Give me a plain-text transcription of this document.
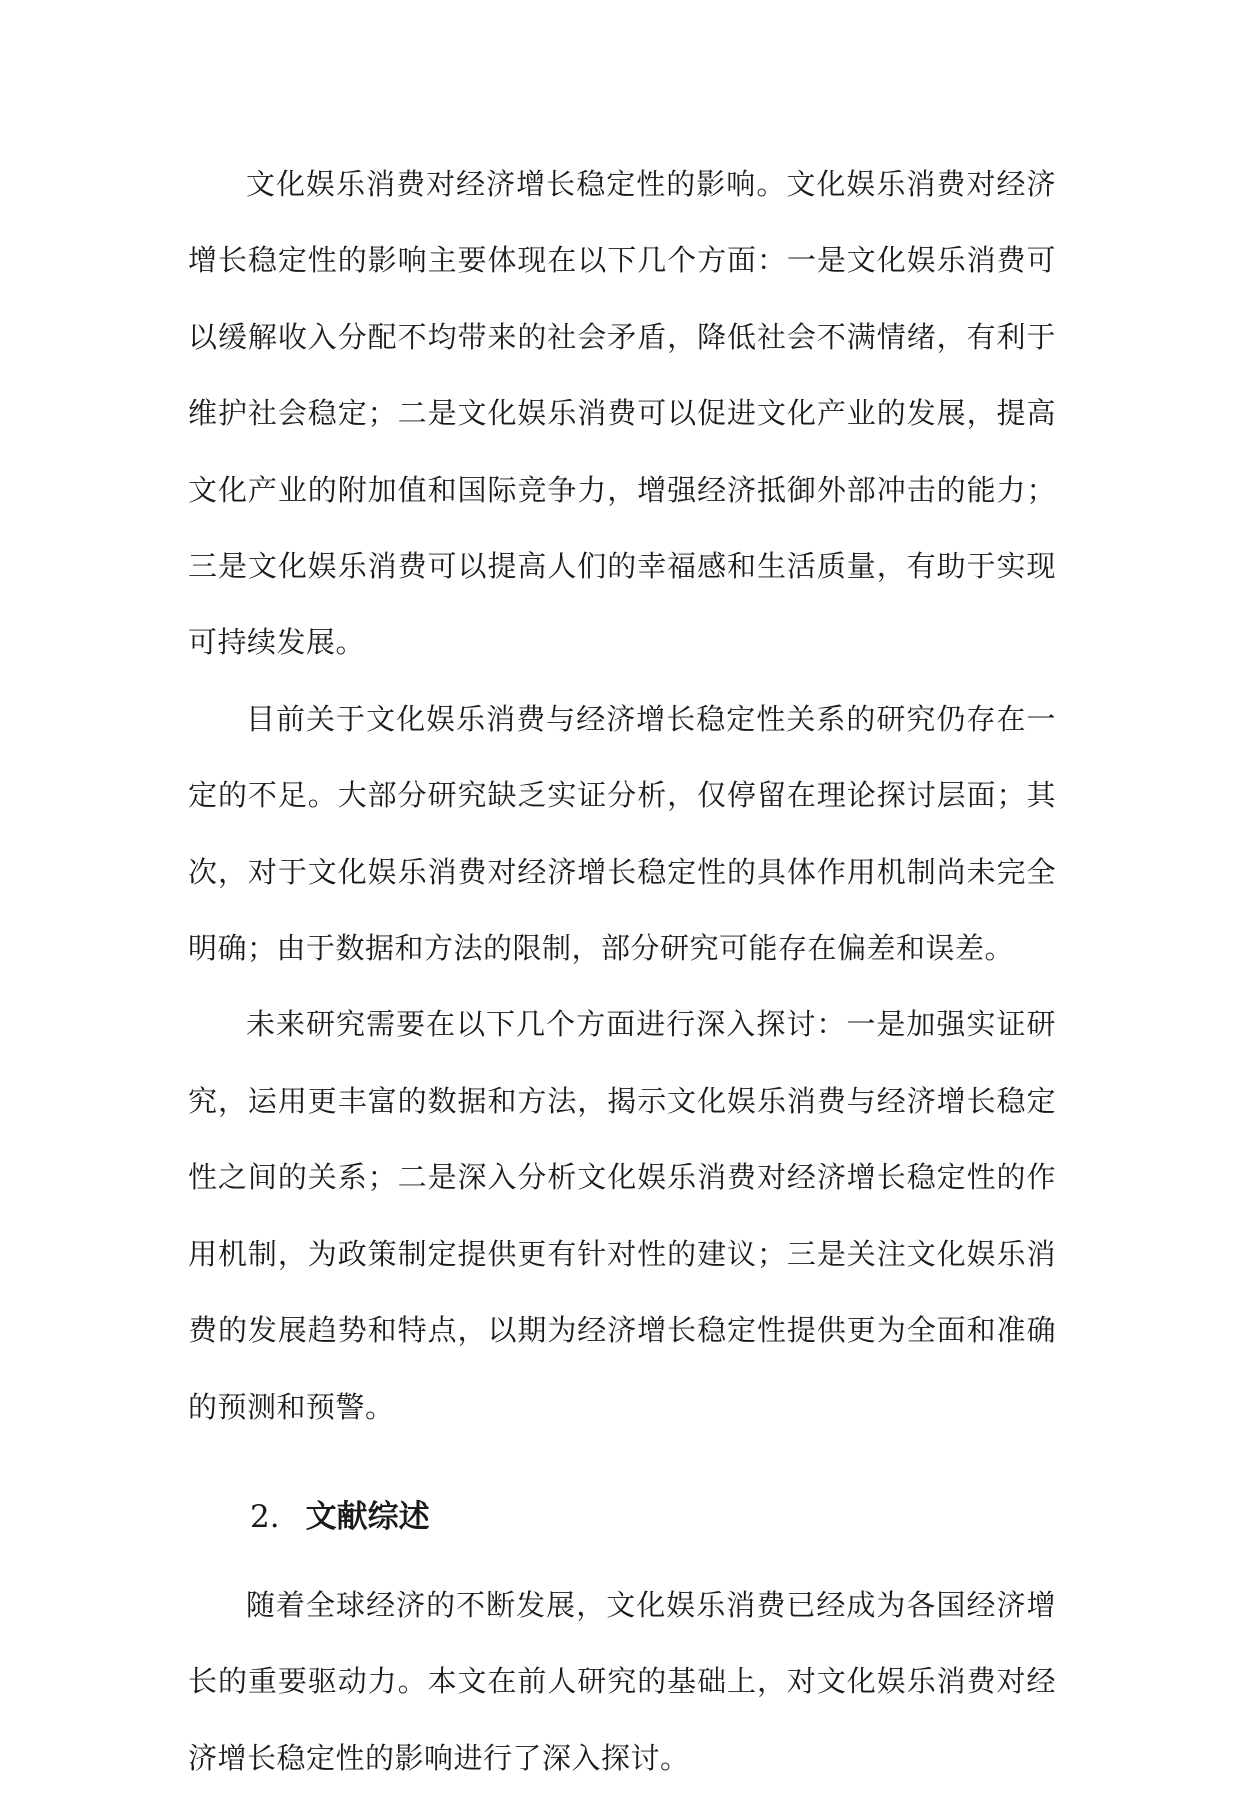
文化娱乐消费对经济增长稳定性的影响。文化娱乐消费对经济增长稳定性的影响主要体现在以下几个方面：一是文化娱乐消费可以缓解收入分配不均带来的社会矛盾，降低社会不满情绪，有利于维护社会稳定；二是文化娱乐消费可以促进文化产业的发展，提高文化产业的附加值和国际竞争力，增强经济抵御外部冲击的能力；三是文化娱乐消费可以提高人们的幸福感和生活质量，有助于实现可持续发展。

目前关于文化娱乐消费与经济增长稳定性关系的研究仍存在一定的不足。大部分研究缺乏实证分析，仅停留在理论探讨层面；其次，对于文化娱乐消费对经济增长稳定性的具体作用机制尚未完全明确；由于数据和方法的限制，部分研究可能存在偏差和误差。

未来研究需要在以下几个方面进行深入探讨：一是加强实证研究，运用更丰富的数据和方法，揭示文化娱乐消费与经济增长稳定性之间的关系；二是深入分析文化娱乐消费对经济增长稳定性的作用机制，为政策制定提供更有针对性的建议；三是关注文化娱乐消费的发展趋势和特点，以期为经济增长稳定性提供更为全面和准确的预测和预警。

2. 文献综述

随着全球经济的不断发展，文化娱乐消费已经成为各国经济增长的重要驱动力。本文在前人研究的基础上，对文化娱乐消费对经济增长稳定性的影响进行了深入探讨。
